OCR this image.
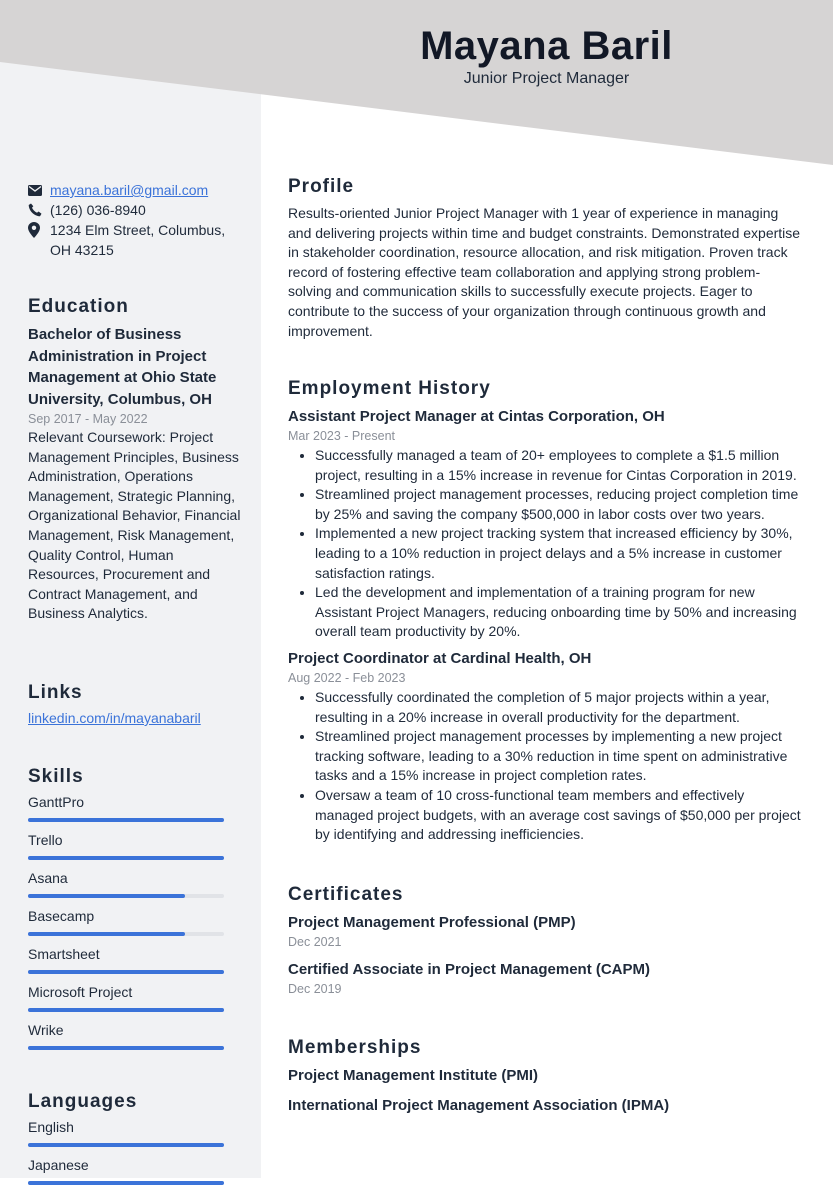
Mayana Baril
Junior Project Manager
mayana.baril@gmail.com
(126) 036-8940
1234 Elm Street, Columbus,
OH 43215
Education
Bachelor of Business Administration in Project Management at Ohio State University, Columbus, OH
Sep 2017 - May 2022
Relevant Coursework: Project Management Principles, Business Administration, Operations Management, Strategic Planning, Organizational Behavior, Financial Management, Risk Management, Quality Control, Human Resources, Procurement and Contract Management, and Business Analytics.
Links
linkedin.com/in/mayanabaril
Skills
GanttPro
Trello
Asana
Basecamp
Smartsheet
Microsoft Project
Wrike
Languages
English
Japanese
Profile
Results-oriented Junior Project Manager with 1 year of experience in managing and delivering projects within time and budget constraints. Demonstrated expertise in stakeholder coordination, resource allocation, and risk mitigation. Proven track record of fostering effective team collaboration and applying strong problem-solving and communication skills to successfully execute projects. Eager to contribute to the success of your organization through continuous growth and improvement.
Employment History
Assistant Project Manager at Cintas Corporation, OH
Mar 2023 - Present
• Successfully managed a team of 20+ employees to complete a $1.5 million project, resulting in a 15% increase in revenue for Cintas Corporation in 2019.
• Streamlined project management processes, reducing project completion time by 25% and saving the company $500,000 in labor costs over two years.
• Implemented a new project tracking system that increased efficiency by 30%, leading to a 10% reduction in project delays and a 5% increase in customer satisfaction ratings.
• Led the development and implementation of a training program for new Assistant Project Managers, reducing onboarding time by 50% and increasing overall team productivity by 20%.
Project Coordinator at Cardinal Health, OH
Aug 2022 - Feb 2023
• Successfully coordinated the completion of 5 major projects within a year, resulting in a 20% increase in overall productivity for the department.
• Streamlined project management processes by implementing a new project tracking software, leading to a 30% reduction in time spent on administrative tasks and a 15% increase in project completion rates.
• Oversaw a team of 10 cross-functional team members and effectively managed project budgets, with an average cost savings of $50,000 per project by identifying and addressing inefficiencies.
Certificates
Project Management Professional (PMP)
Dec 2021
Certified Associate in Project Management (CAPM)
Dec 2019
Memberships
Project Management Institute (PMI)
International Project Management Association (IPMA)
